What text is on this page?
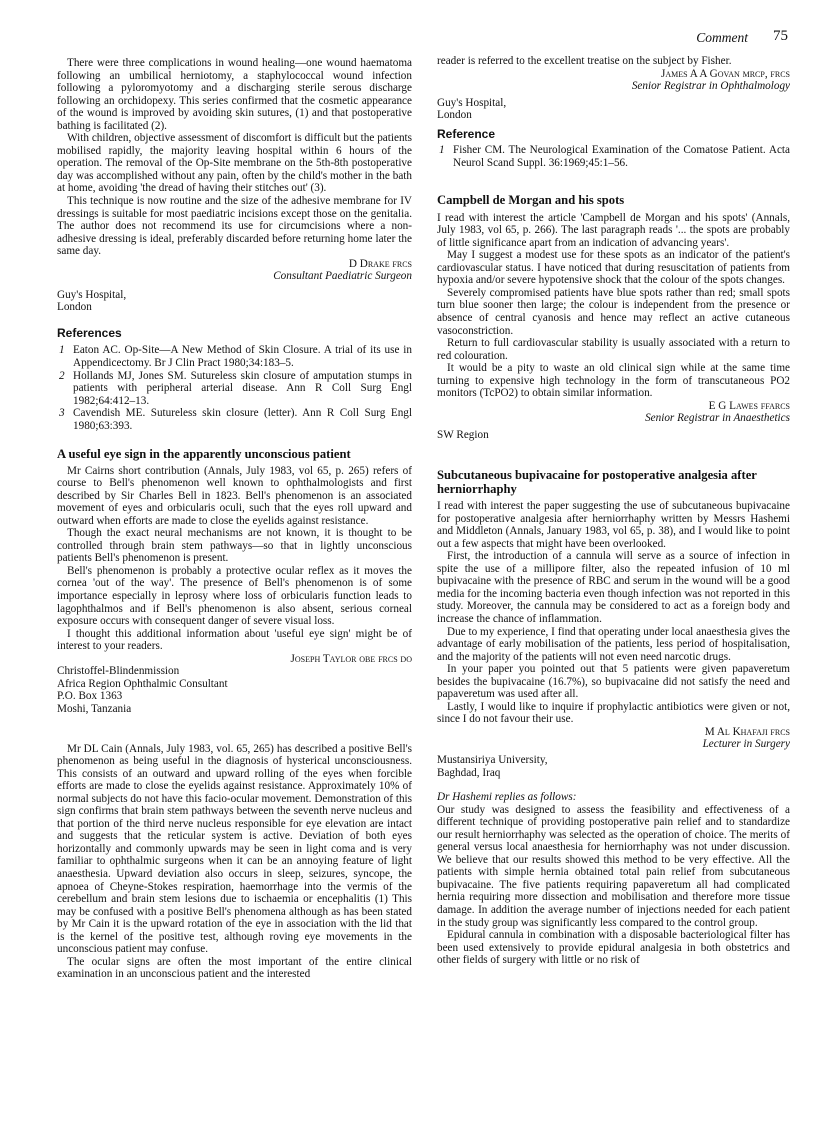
Comment 75

There were three complications in wound healing—one wound haematoma following an umbilical herniotomy, a staphylococcal wound infection following a pyloromyotomy and a discharging sterile serous discharge following an orchidopexy. This series confirmed that the cosmetic appearance of the wound is improved by avoiding skin sutures, (1) and that postoperative bathing is facilitated (2).

With children, objective assessment of discomfort is difficult but the patients mobilised rapidly, the majority leaving hospital within 6 hours of the operation. The removal of the Op-Site membrane on the 5th-8th postoperative day was accomplished without any pain, often by the child's mother in the bath at home, avoiding 'the dread of having their stitches out' (3).

This technique is now routine and the size of the adhesive membrane for IV dressings is suitable for most paediatric incisions except those on the genitalia. The author does not recommend its use for circumcisions where a non-adhesive dressing is ideal, preferably discarded before returning home later the same day.

D Drake frcs

Consultant Paediatric Surgeon

Guy's Hospital,
London
References

1 Eaton AC. Op-Site—A New Method of Skin Closure. A trial of its use in Appendicectomy. Br J Clin Pract 1980;34:183–5.

2 Hollands MJ, Jones SM. Sutureless skin closure of amputation stumps in patients with peripheral arterial disease. Ann R Coll Surg Engl 1982;64:412–13.

3 Cavendish ME. Sutureless skin closure (letter). Ann R Coll Surg Engl 1980;63:393.

A useful eye sign in the apparently unconscious patient

Mr Cairns short contribution (Annals, July 1983, vol 65, p. 265) refers of course to Bell's phenomenon well known to ophthalmologists and first described by Sir Charles Bell in 1823. Bell's phenomenon is an associated movement of eyes and orbicularis oculi, such that the eyes roll upward and outward when efforts are made to close the eyelids against resistance.

Though the exact neural mechanisms are not known, it is thought to be controlled through brain stem pathways—so that in lightly unconscious patients Bell's phenomenon is present.

Bell's phenomenon is probably a protective ocular reflex as it moves the cornea 'out of the way'. The presence of Bell's phenomenon is of some importance especially in leprosy where loss of orbicularis function leads to lagophthalmos and if Bell's phenomenon is also absent, serious corneal exposure occurs with consequent danger of severe visual loss.

I thought this additional information about 'useful eye sign' might be of interest to your readers.

Joseph Taylor obe frcs do

Christoffel-Blindenmission
Africa Region Ophthalmic Consultant
P.O. Box 1363
Moshi, Tanzania

Mr DL Cain (Annals, July 1983, vol. 65, 265) has described a positive Bell's phenomenon as being useful in the diagnosis of hysterical unconsciousness. This consists of an outward and upward rolling of the eyes when forcible efforts are made to close the eyelids against resistance. Approximately 10% of normal subjects do not have this facio-ocular movement. Demonstration of this sign confirms that brain stem pathways between the seventh nerve nucleus and that portion of the third nerve nucleus responsible for eye elevation are intact and suggests that the reticular system is active. Deviation of both eyes horizontally and commonly upwards may be seen in light coma and is very familiar to ophthalmic surgeons when it can be an annoying feature of light anaesthesia. Upward deviation also occurs in sleep, seizures, syncope, the apnoea of Cheyne-Stokes respiration, haemorrhage into the vermis of the cerebellum and brain stem lesions due to ischaemia or encephalitis (1) This may be confused with a positive Bell's phenomena although as has been stated by Mr Cain it is the upward rotation of the eye in association with the lid that is the kernel of the positive test, although roving eye movements in the unconscious patient may confuse.

The ocular signs are often the most important of the entire clinical examination in an unconscious patient and the interested

reader is referred to the excellent treatise on the subject by Fisher.

James A A Govan mrcp, frcs

Senior Registrar in Ophthalmology

Guy's Hospital,
London
Reference

1 Fisher CM. The Neurological Examination of the Comatose Patient. Acta Neurol Scand Suppl. 36:1969;45:1–56.

Campbell de Morgan and his spots

I read with interest the article 'Campbell de Morgan and his spots' (Annals, July 1983, vol 65, p. 266). The last paragraph reads '... the spots are probably of little significance apart from an indication of advancing years'.

May I suggest a modest use for these spots as an indicator of the patient's cardiovascular status. I have noticed that during resuscitation of patients from hypoxia and/or severe hypotensive shock that the colour of the spots changes.

Severely compromised patients have blue spots rather than red; small spots turn blue sooner then large; the colour is independent from the presence or absence of central cyanosis and hence may reflect an active cutaneous vasoconstriction.

Return to full cardiovascular stability is usually associated with a return to red colouration.

It would be a pity to waste an old clinical sign while at the same time turning to expensive high technology in the form of transcutaneous PO2 monitors (TcPO2) to obtain similar information.

E G Lawes ffarcs

Senior Registrar in Anaesthetics

SW Region
Subcutaneous bupivacaine for postoperative analgesia after herniorrhaphy

I read with interest the paper suggesting the use of subcutaneous bupivacaine for postoperative analgesia after herniorrhaphy written by Messrs Hashemi and Middleton (Annals, January 1983, vol 65, p. 38), and I would like to point out a few aspects that might have been overlooked.

First, the introduction of a cannula will serve as a source of infection in spite the use of a millipore filter, also the repeated infusion of 10 ml bupivacaine with the presence of RBC and serum in the wound will be a good media for the incoming bacteria even though infection was not reported in this study. Moreover, the cannula may be considered to act as a foreign body and increase the chance of inflammation.

Due to my experience, I find that operating under local anaesthesia gives the advantage of early mobilisation of the patients, less period of hospitalisation, and the majority of the patients will not even need narcotic drugs.

In your paper you pointed out that 5 patients were given papaveretum besides the bupivacaine (16.7%), so bupivacaine did not satisfy the need and papaveretum was used after all.

Lastly, I would like to inquire if prophylactic antibiotics were given or not, since I do not favour their use.

M Al Khafaji frcs

Lecturer in Surgery

Mustansiriya University,
Baghdad, Iraq

Dr Hashemi replies as follows:

Our study was designed to assess the feasibility and effectiveness of a different technique of providing postoperative pain relief and to standardize our result herniorrhaphy was selected as the operation of choice. The merits of general versus local anaesthesia for herniorrhaphy was not under discussion. We believe that our results showed this method to be very effective. All the patients with simple hernia obtained total pain relief from subcutaneous bupivacaine. The five patients requiring papaveretum all had complicated hernia requiring more dissection and mobilisation and therefore more tissue damage. In addition the average number of injections needed for each patient in the study group was significantly less compared to the control group.

Epidural cannula in combination with a disposable bacteriological filter has been used extensively to provide epidural analgesia in both obstetrics and other fields of surgery with little or no risk of
